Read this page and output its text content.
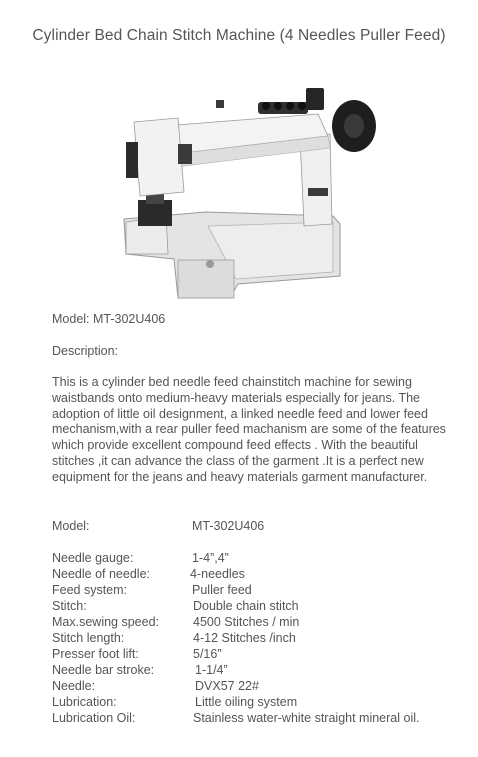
Cylinder Bed Chain Stitch Machine (4 Needles Puller Feed)
Model: MT-302U406
Description:

This is a cylinder bed needle feed chainstitch machine for sewing waistbands onto medium-heavy materials especially for jeans. The adoption of little oil designment, a linked needle feed and lower feed mechanism,with a rear puller feed machanism are some of the features which provide excellent compound feed effects . With the beautiful stitches ,it can advance the class of the garment .It is a perfect new equipment for the jeans and heavy materials garment manufacturer.

Model:	MT-302U406
Needle gauge:	1-4”,4”
Needle of needle:	4-needles
Feed system:	Puller feed
Stitch:	Double chain stitch
Max.sewing speed:	4500 Stitches / min
Stitch length:	4-12 Stitches /inch
Presser foot lift:	5/16”
Needle bar stroke:	1-1/4”
Needle:	DVX57 22#
Lubrication:	Little oiling system
Lubrication Oil:	Stainless water-white straight mineral oil.
